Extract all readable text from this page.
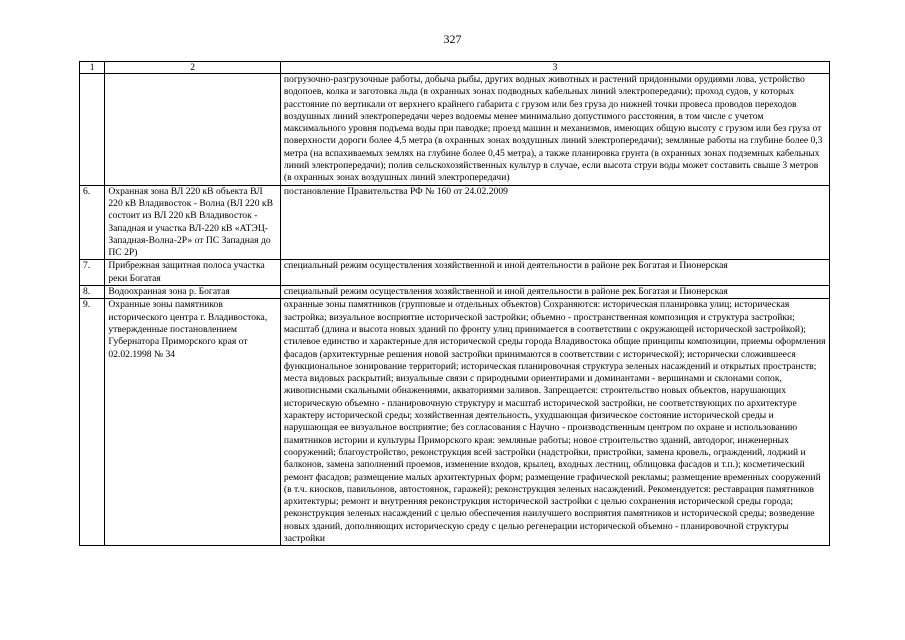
327
1	2	3
		погрузочно-разгрузочные работы, добыча рыбы, других водных животных и растений придонными орудиями лова, устройство водопоев, колка и заготовка льда (в охранных зонах подводных кабельных линий электропередачи); проход судов, у которых расстояние по вертикали от верхнего крайнего габарита с грузом или без груза до нижней точки провеса проводов переходов воздушных линий электропередачи через водоемы менее минимально допустимого расстояния, в том числе с учетом максимального уровня подъема воды при паводке; проезд машин и механизмов, имеющих общую высоту с грузом или без груза от поверхности дороги более 4,5 метра (в охранных зонах воздушных линий электропередачи); земляные работы на глубине более 0,3 метра (на вспахиваемых землях на глубине более 0,45 метра), а также планировка грунта (в охранных зонах подземных кабельных линий электропередачи); полив сельскохозяйственных культур в случае, если высота струи воды может составить свыше 3 метров (в охранных зонах воздушных линий электропередачи)
6.	Охранная зона ВЛ 220 кВ объекта ВЛ 220 кВ Владивосток - Волна (ВЛ 220 кВ состоит из ВЛ 220 кВ Владивосток - Западная и участка ВЛ-220 кВ «АТЭЦ-Западная-Волна-2Р» от ПС Западная до ПС 2Р)	постановление Правительства РФ № 160 от 24.02.2009
7.	Прибрежная защитная полоса участка реки Богатая	специальный режим осуществления хозяйственной и иной деятельности в районе рек Богатая и Пионерская
8.	Водоохранная зона р. Богатая	специальный режим осуществления хозяйственной и иной деятельности в районе рек Богатая и Пионерская
9.	Охранные зоны памятников исторического центра г. Владивостока, утвержденные постановлением Губернатора Приморского края от 02.02.1998 № 34	охранные зоны памятников (групповые и отдельных объектов) Сохраняются: историческая планировка улиц; историческая застройка; визуальное восприятие исторической застройки; объемно - пространственная композиция и структура застройки; масштаб (длина и высота новых зданий по фронту улиц принимается в соответствии с окружающей исторической застройкой); стилевое единство и характерные для исторической среды города Владивостока общие принципы композиции, приемы оформления фасадов (архитектурные решения новой застройки принимаются в соответствии с исторической); исторически сложившееся функциональное зонирование территорий; историческая планировочная структура зеленых насаждений и открытых пространств; места видовых раскрытий; визуальные связи с природными ориентирами и доминантами - вершинами и склонами сопок, живописными скальными обнажениями, акваториями заливов. Запрещается: строительство новых объектов, нарушающих историческую объемно - планировочную структуру и масштаб исторической застройки, не соответствующих по архитектуре характеру исторической среды; хозяйственная деятельность, ухудшающая физическое состояние исторической среды и нарушающая ее визуальное восприятие; без согласования с Научно - производственным центром по охране и использованию памятников истории и культуры Приморского края: земляные работы; новое строительство зданий, автодорог, инженерных сооружений; благоустройство, реконструкция всей застройки (надстройки, пристройки, замена кровель, ограждений, лоджий и балконов, замена заполнений проемов, изменение входов, крылец, входных лестниц, облицовка фасадов и т.п.); косметический ремонт фасадов; размещение малых архитектурных форм; размещение графической рекламы; размещение временных сооружений (в т.ч. киосков, павильонов, автостоянок, гаражей); реконструкция зеленых насаждений. Рекомендуется: реставрация памятников архитектуры; ремонт и внутренняя реконструкция исторической застройки с целью сохранения исторической среды города; реконструкция зеленых насаждений с целью обеспечения наилучшего восприятия памятников и исторической среды; возведение новых зданий, дополняющих историческую среду с целью регенерации исторической объемно - планировочной структуры застройки
